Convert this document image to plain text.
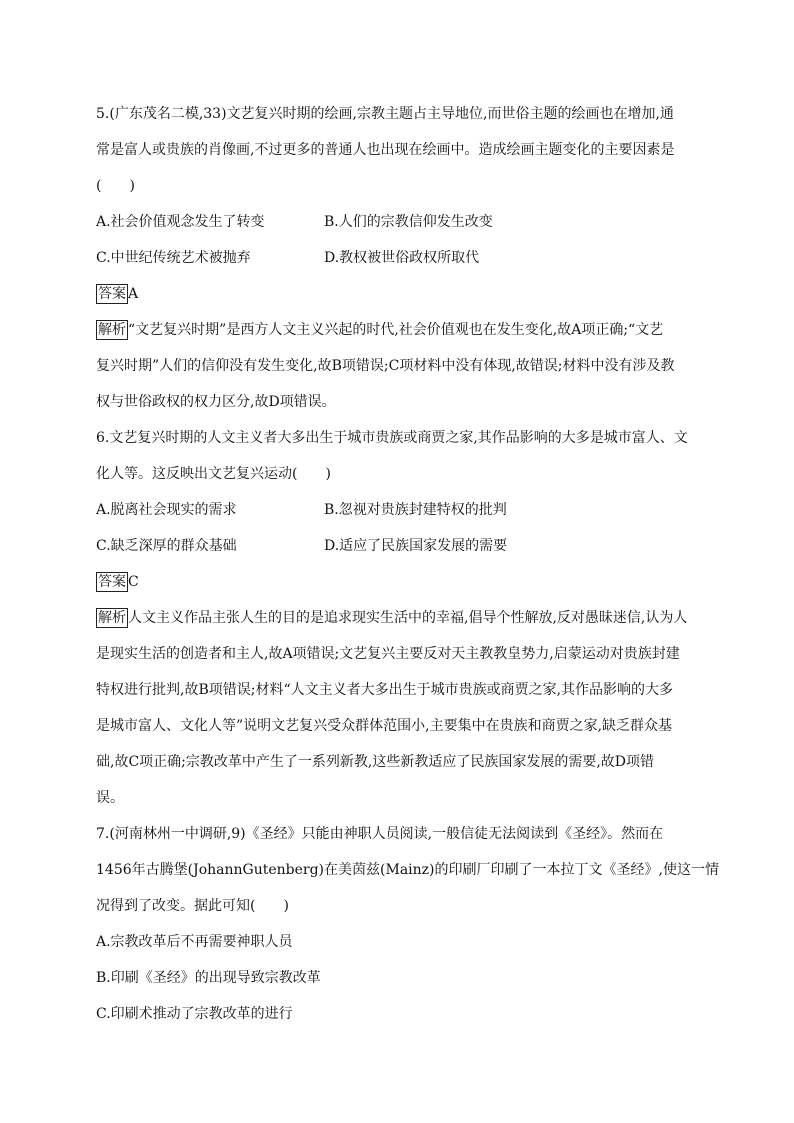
5.(广东茂名二模,33)文艺复兴时期的绘画,宗教主题占主导地位,而世俗主题的绘画也在增加,通
常是富人或贵族的肖像画,不过更多的普通人也出现在绘画中。造成绘画主题变化的主要因素是
(　　)
A.社会价值观念发生了转变	B.人们的宗教信仰发生改变
C.中世纪传统艺术被抛弃	D.教权被世俗政权所取代
答案 A
解析 “文艺复兴时期”是西方人文主义兴起的时代,社会价值观也在发生变化,故A项正确;“文艺
复兴时期”人们的信仰没有发生变化,故B项错误;C项材料中没有体现,故错误;材料中没有涉及教
权与世俗政权的权力区分,故D项错误。
6.文艺复兴时期的人文主义者大多出生于城市贵族或商贾之家,其作品影响的大多是城市富人、文
化人等。这反映出文艺复兴运动(　　)
A.脱离社会现实的需求	B.忽视对贵族封建特权的批判
C.缺乏深厚的群众基础	D.适应了民族国家发展的需要
答案 C
解析 人文主义作品主张人生的目的是追求现实生活中的幸福,倡导个性解放,反对愚昧迷信,认为人
是现实生活的创造者和主人,故A项错误;文艺复兴主要反对天主教教皇势力,启蒙运动对贵族封建
特权进行批判,故B项错误;材料“人文主义者大多出生于城市贵族或商贾之家,其作品影响的大多
是城市富人、文化人等”说明文艺复兴受众群体范围小,主要集中在贵族和商贾之家,缺乏群众基
础,故C项正确;宗教改革中产生了一系列新教,这些新教适应了民族国家发展的需要,故D项错
误。
7.(河南林州一中调研,9)《圣经》只能由神职人员阅读,一般信徒无法阅读到《圣经》。然而在
1456年古腾堡(JohannGutenberg)在美茵兹(Mainz)的印刷厂印刷了一本拉丁文《圣经》,使这一情
况得到了改变。据此可知(　　)
A.宗教改革后不再需要神职人员
B.印刷《圣经》的出现导致宗教改革
C.印刷术推动了宗教改革的进行
